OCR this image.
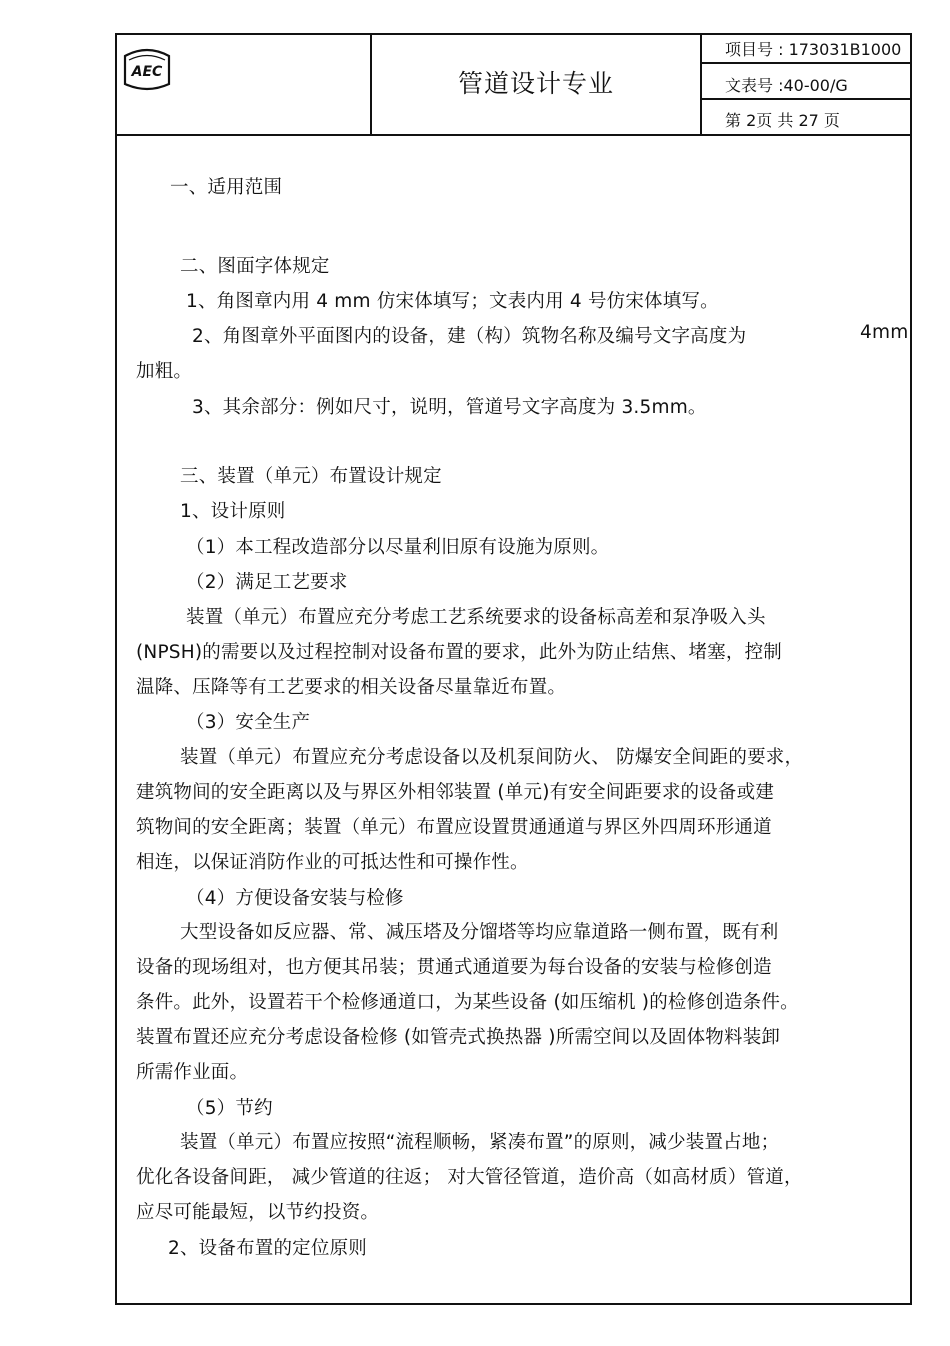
AEC	管道设计专业
项目号 : 173031B1000
文表号 :40-00/G
第 2页 共 27 页
一、适用范围
二、图面字体规定
1、角图章内用 4 mm 仿宋体填写；文表内用 4 号仿宋体填写。
2、角图章外平面图内的设备，建（构）筑物名称及编号文字高度为	4mm
加粗。
3、其余部分：例如尺寸，说明，管道号文字高度为 3.5mm。
三、装置（单元）布置设计规定
1、设计原则
（1）本工程改造部分以尽量利旧原有设施为原则。
（2）满足工艺要求
装置（单元）布置应充分考虑工艺系统要求的设备标高差和泵净吸入头
(NPSH)的需要以及过程控制对设备布置的要求，此外为防止结焦、堵塞，控制
温降、压降等有工艺要求的相关设备尽量靠近布置。
（3）安全生产
装置（单元）布置应充分考虑设备以及机泵间防火、 防爆安全间距的要求，
建筑物间的安全距离以及与界区外相邻装置 (单元)有安全间距要求的设备或建
筑物间的安全距离；装置（单元）布置应设置贯通通道与界区外四周环形通道
相连，以保证消防作业的可抵达性和可操作性。
（4）方便设备安装与检修
大型设备如反应器、常、减压塔及分馏塔等均应靠道路一侧布置，既有利
设备的现场组对，也方便其吊装；贯通式通道要为每台设备的安装与检修创造
条件。此外，设置若干个检修通道口，为某些设备 (如压缩机 )的检修创造条件。
装置布置还应充分考虑设备检修 (如管壳式换热器 )所需空间以及固体物料装卸
所需作业面。
（5）节约
装置（单元）布置应按照“流程顺畅，紧凑布置”的原则，减少装置占地；
优化各设备间距， 减少管道的往返； 对大管径管道，造价高（如高材质）管道，
应尽可能最短，以节约投资。
2、设备布置的定位原则
